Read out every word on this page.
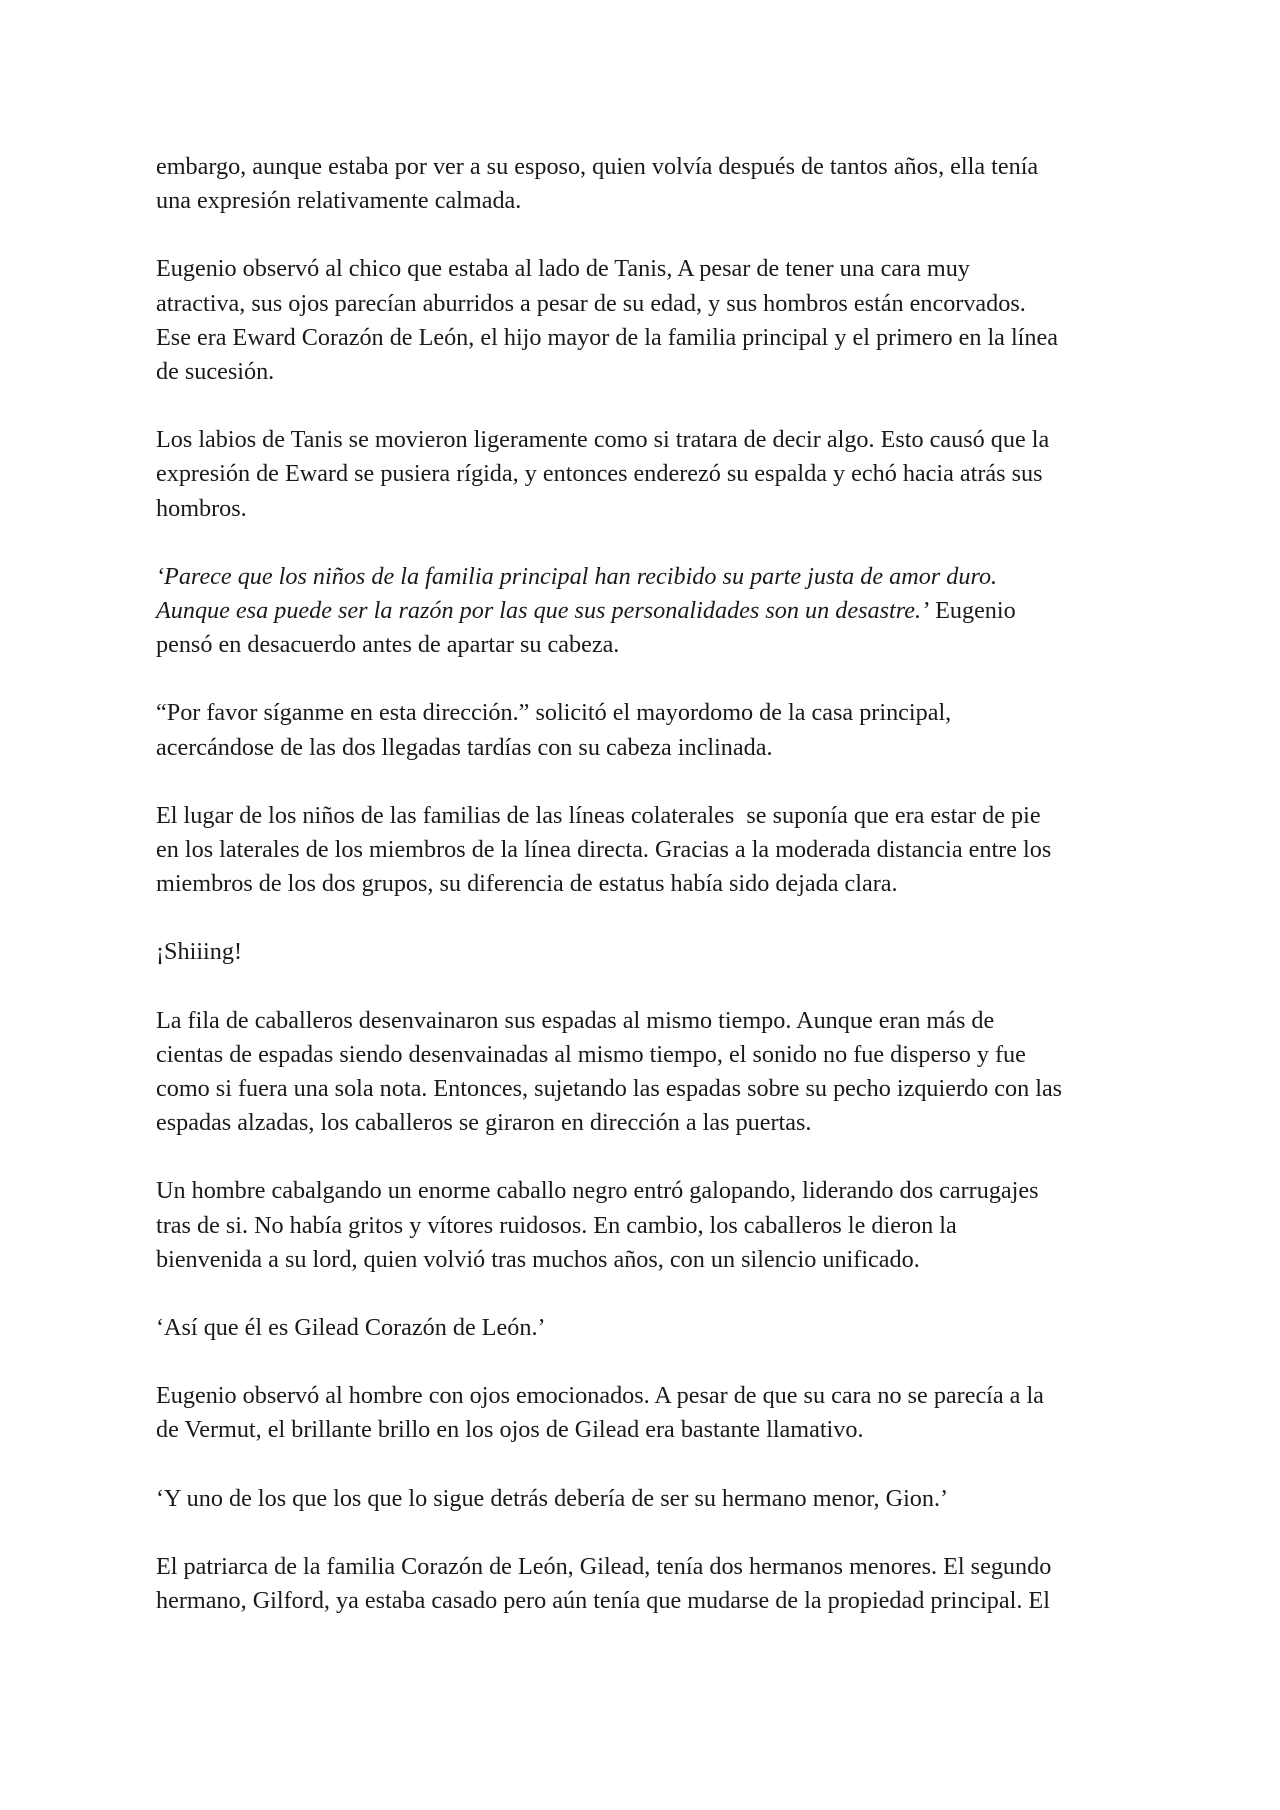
embargo, aunque estaba por ver a su esposo, quien volvía después de tantos años, ella tenía una expresión relativamente calmada.

Eugenio observó al chico que estaba al lado de Tanis, A pesar de tener una cara muy atractiva, sus ojos parecían aburridos a pesar de su edad, y sus hombros están encorvados. Ese era Eward Corazón de León, el hijo mayor de la familia principal y el primero en la línea de sucesión.

Los labios de Tanis se movieron ligeramente como si tratara de decir algo. Esto causó que la expresión de Eward se pusiera rígida, y entonces enderezó su espalda y echó hacia atrás sus hombros.

‘Parece que los niños de la familia principal han recibido su parte justa de amor duro. Aunque esa puede ser la razón por las que sus personalidades son un desastre.’ Eugenio pensó en desacuerdo antes de apartar su cabeza.

“Por favor síganme en esta dirección.” solicitó el mayordomo de la casa principal, acercándose de las dos llegadas tardías con su cabeza inclinada.

El lugar de los niños de las familias de las líneas colaterales  se suponía que era estar de pie en los laterales de los miembros de la línea directa. Gracias a la moderada distancia entre los miembros de los dos grupos, su diferencia de estatus había sido dejada clara.

¡Shiiing!

La fila de caballeros desenvainaron sus espadas al mismo tiempo. Aunque eran más de cientas de espadas siendo desenvainadas al mismo tiempo, el sonido no fue disperso y fue como si fuera una sola nota. Entonces, sujetando las espadas sobre su pecho izquierdo con las espadas alzadas, los caballeros se giraron en dirección a las puertas.

Un hombre cabalgando un enorme caballo negro entró galopando, liderando dos carrugajes tras de si. No había gritos y vítores ruidosos. En cambio, los caballeros le dieron la bienvenida a su lord, quien volvió tras muchos años, con un silencio unificado.

‘Así que él es Gilead Corazón de León.’

Eugenio observó al hombre con ojos emocionados. A pesar de que su cara no se parecía a la de Vermut, el brillante brillo en los ojos de Gilead era bastante llamativo.

‘Y uno de los que los que lo sigue detrás debería de ser su hermano menor, Gion.’

El patriarca de la familia Corazón de León, Gilead, tenía dos hermanos menores. El segundo hermano, Gilford, ya estaba casado pero aún tenía que mudarse de la propiedad principal. El
